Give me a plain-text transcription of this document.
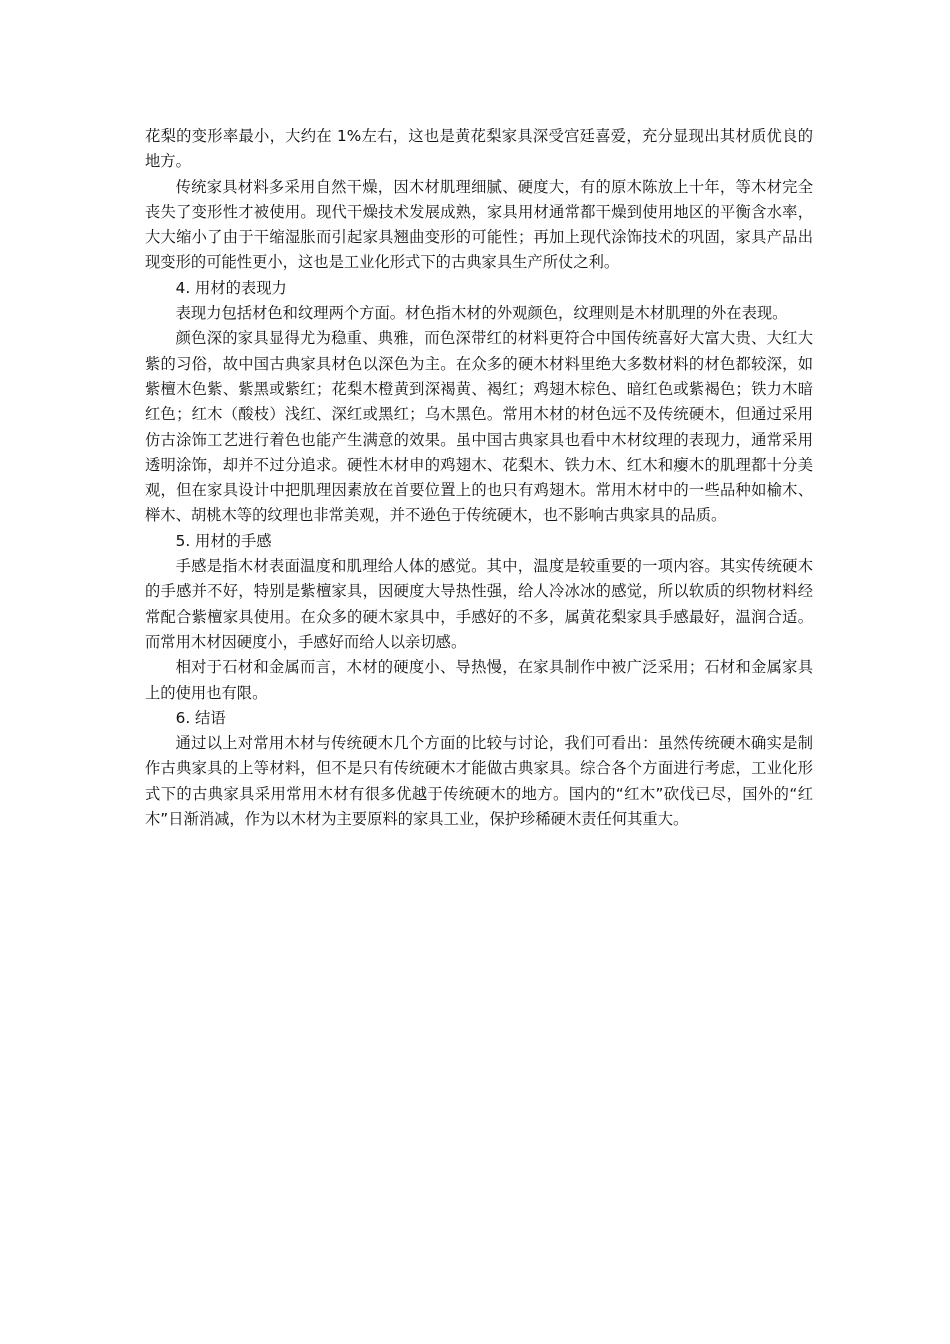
花梨的变形率最小，大约在 1%左右，这也是黄花梨家具深受宫廷喜爱，充分显现出其材质优良的地方。

传统家具材料多采用自然干燥，因木材肌理细腻、硬度大，有的原木陈放上十年，等木材完全丧失了变形性才被使用。现代干燥技术发展成熟，家具用材通常都干燥到使用地区的平衡含水率，大大缩小了由于干缩湿胀而引起家具翘曲变形的可能性；再加上现代涂饰技术的巩固，家具产品出现变形的可能性更小，这也是工业化形式下的古典家具生产所仗之利。

4. 用材的表现力

表现力包括材色和纹理两个方面。材色指木材的外观颜色，纹理则是木材肌理的外在表现。

颜色深的家具显得尤为稳重、典雅，而色深带红的材料更符合中国传统喜好大富大贵、大红大紫的习俗，故中国古典家具材色以深色为主。在众多的硬木材料里绝大多数材料的材色都较深，如紫檀木色紫、紫黑或紫红；花梨木橙黄到深褐黄、褐红；鸡翅木棕色、暗红色或紫褐色；铁力木暗红色；红木（酸枝）浅红、深红或黑红；乌木黑色。常用木材的材色远不及传统硬木，但通过采用仿古涂饰工艺进行着色也能产生满意的效果。虽中国古典家具也看中木材纹理的表现力，通常采用透明涂饰，却并不过分追求。硬性木材申的鸡翅木、花梨木、铁力木、红木和瘿木的肌理都十分美观，但在家具设计中把肌理因素放在首要位置上的也只有鸡翅木。常用木材中的一些品种如榆木、榉木、胡桃木等的纹理也非常美观，并不逊色于传统硬木，也不影响古典家具的品质。

5. 用材的手感

手感是指木材表面温度和肌理给人体的感觉。其中，温度是较重要的一项内容。其实传统硬木的手感并不好，特别是紫檀家具，因硬度大导热性强，给人冷冰冰的感觉，所以软质的织物材料经常配合紫檀家具使用。在众多的硬木家具中，手感好的不多，属黄花梨家具手感最好，温润合适。而常用木材因硬度小，手感好而给人以亲切感。

相对于石材和金属而言，木材的硬度小、导热慢，在家具制作中被广泛采用；石材和金属家具上的使用也有限。

6. 结语

通过以上对常用木材与传统硬木几个方面的比较与讨论，我们可看出：虽然传统硬木确实是制作古典家具的上等材料，但不是只有传统硬木才能做古典家具。综合各个方面进行考虑，工业化形式下的古典家具采用常用木材有很多优越于传统硬木的地方。国内的“红木”砍伐已尽，国外的“红木”日渐消减，作为以木材为主要原料的家具工业，保护珍稀硬木责任何其重大。
